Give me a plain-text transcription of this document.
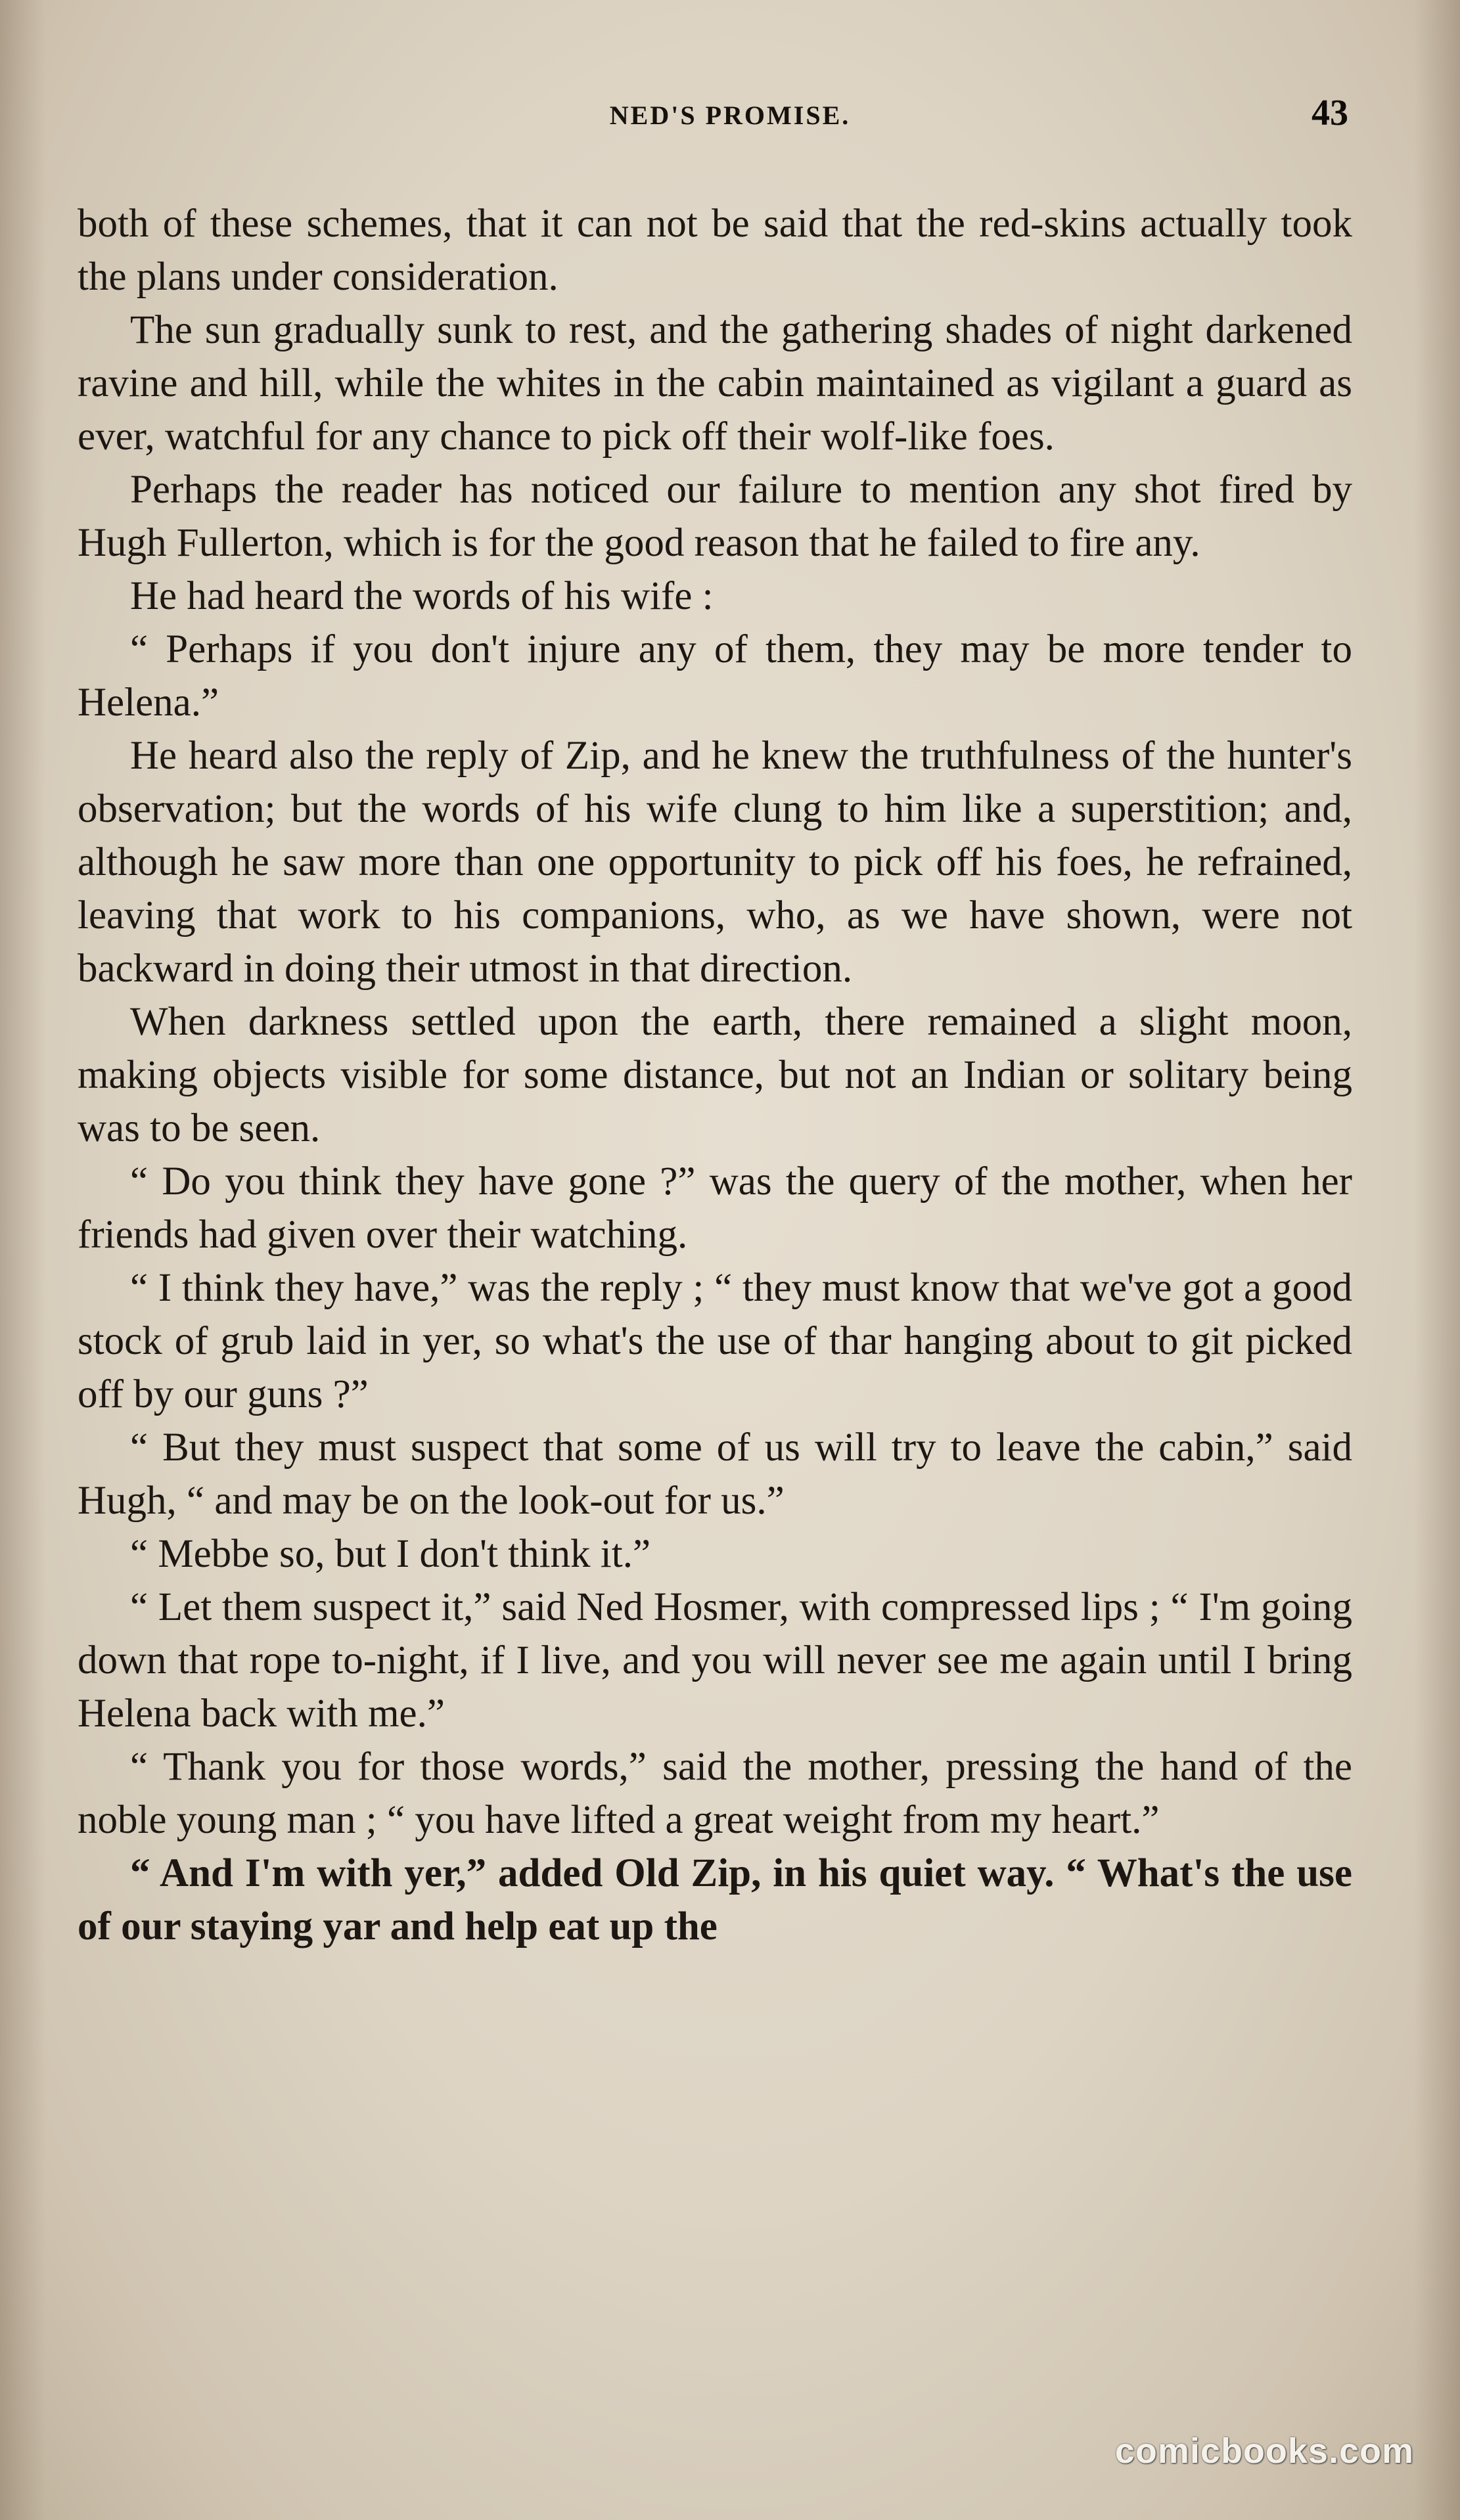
NED'S PROMISE.	43

both of these schemes, that it can not be said that the red-skins actually took the plans under consideration.

The sun gradually sunk to rest, and the gathering shades of night darkened ravine and hill, while the whites in the cabin maintained as vigilant a guard as ever, watchful for any chance to pick off their wolf-like foes.

Perhaps the reader has noticed our failure to mention any shot fired by Hugh Fullerton, which is for the good reason that he failed to fire any.

He had heard the words of his wife :

“ Perhaps if you don't injure any of them, they may be more tender to Helena.”

He heard also the reply of Zip, and he knew the truthfulness of the hunter's observation; but the words of his wife clung to him like a superstition; and, although he saw more than one opportunity to pick off his foes, he refrained, leaving that work to his companions, who, as we have shown, were not backward in doing their utmost in that direction.

When darkness settled upon the earth, there remained a slight moon, making objects visible for some distance, but not an Indian or solitary being was to be seen.

“ Do you think they have gone ?” was the query of the mother, when her friends had given over their watching.

“ I think they have,” was the reply ; “ they must know that we've got a good stock of grub laid in yer, so what's the use of thar hanging about to git picked off by our guns ?”

“ But they must suspect that some of us will try to leave the cabin,” said Hugh, “ and may be on the look-out for us.”

“ Mebbe so, but I don't think it.”

“ Let them suspect it,” said Ned Hosmer, with compressed lips ; “ I'm going down that rope to-night, if I live, and you will never see me again until I bring Helena back with me.”

“ Thank you for those words,” said the mother, pressing the hand of the noble young man ; “ you have lifted a great weight from my heart.”

“ And I'm with yer,” added Old Zip, in his quiet way. “ What's the use of our staying yar and help eat up the

comicbooks.com
